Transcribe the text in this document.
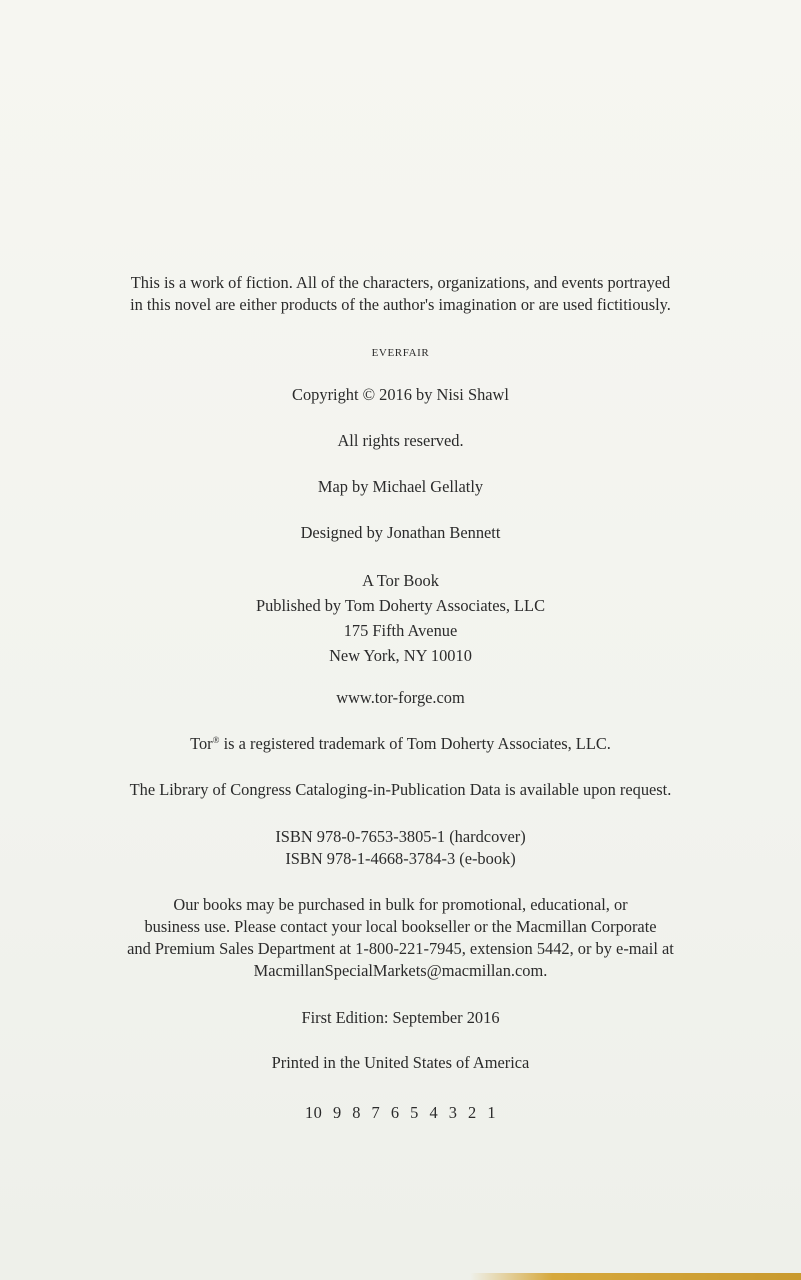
This is a work of fiction. All of the characters, organizations, and events portrayed
in this novel are either products of the author's imagination or are used fictitiously.

EVERFAIR

Copyright © 2016 by Nisi Shawl

All rights reserved.

Map by Michael Gellatly

Designed by Jonathan Bennett

A Tor Book
Published by Tom Doherty Associates, LLC
175 Fifth Avenue
New York, NY 10010

www.tor-forge.com

Tor® is a registered trademark of Tom Doherty Associates, LLC.

The Library of Congress Cataloging-in-Publication Data is available upon request.

ISBN 978-0-7653-3805-1 (hardcover)
ISBN 978-1-4668-3784-3 (e-book)

Our books may be purchased in bulk for promotional, educational, or
business use. Please contact your local bookseller or the Macmillan Corporate
and Premium Sales Department at 1-800-221-7945, extension 5442, or by e-mail at
MacmillanSpecialMarkets@macmillan.com.

First Edition: September 2016

Printed in the United States of America

10 9 8 7 6 5 4 3 2 1
